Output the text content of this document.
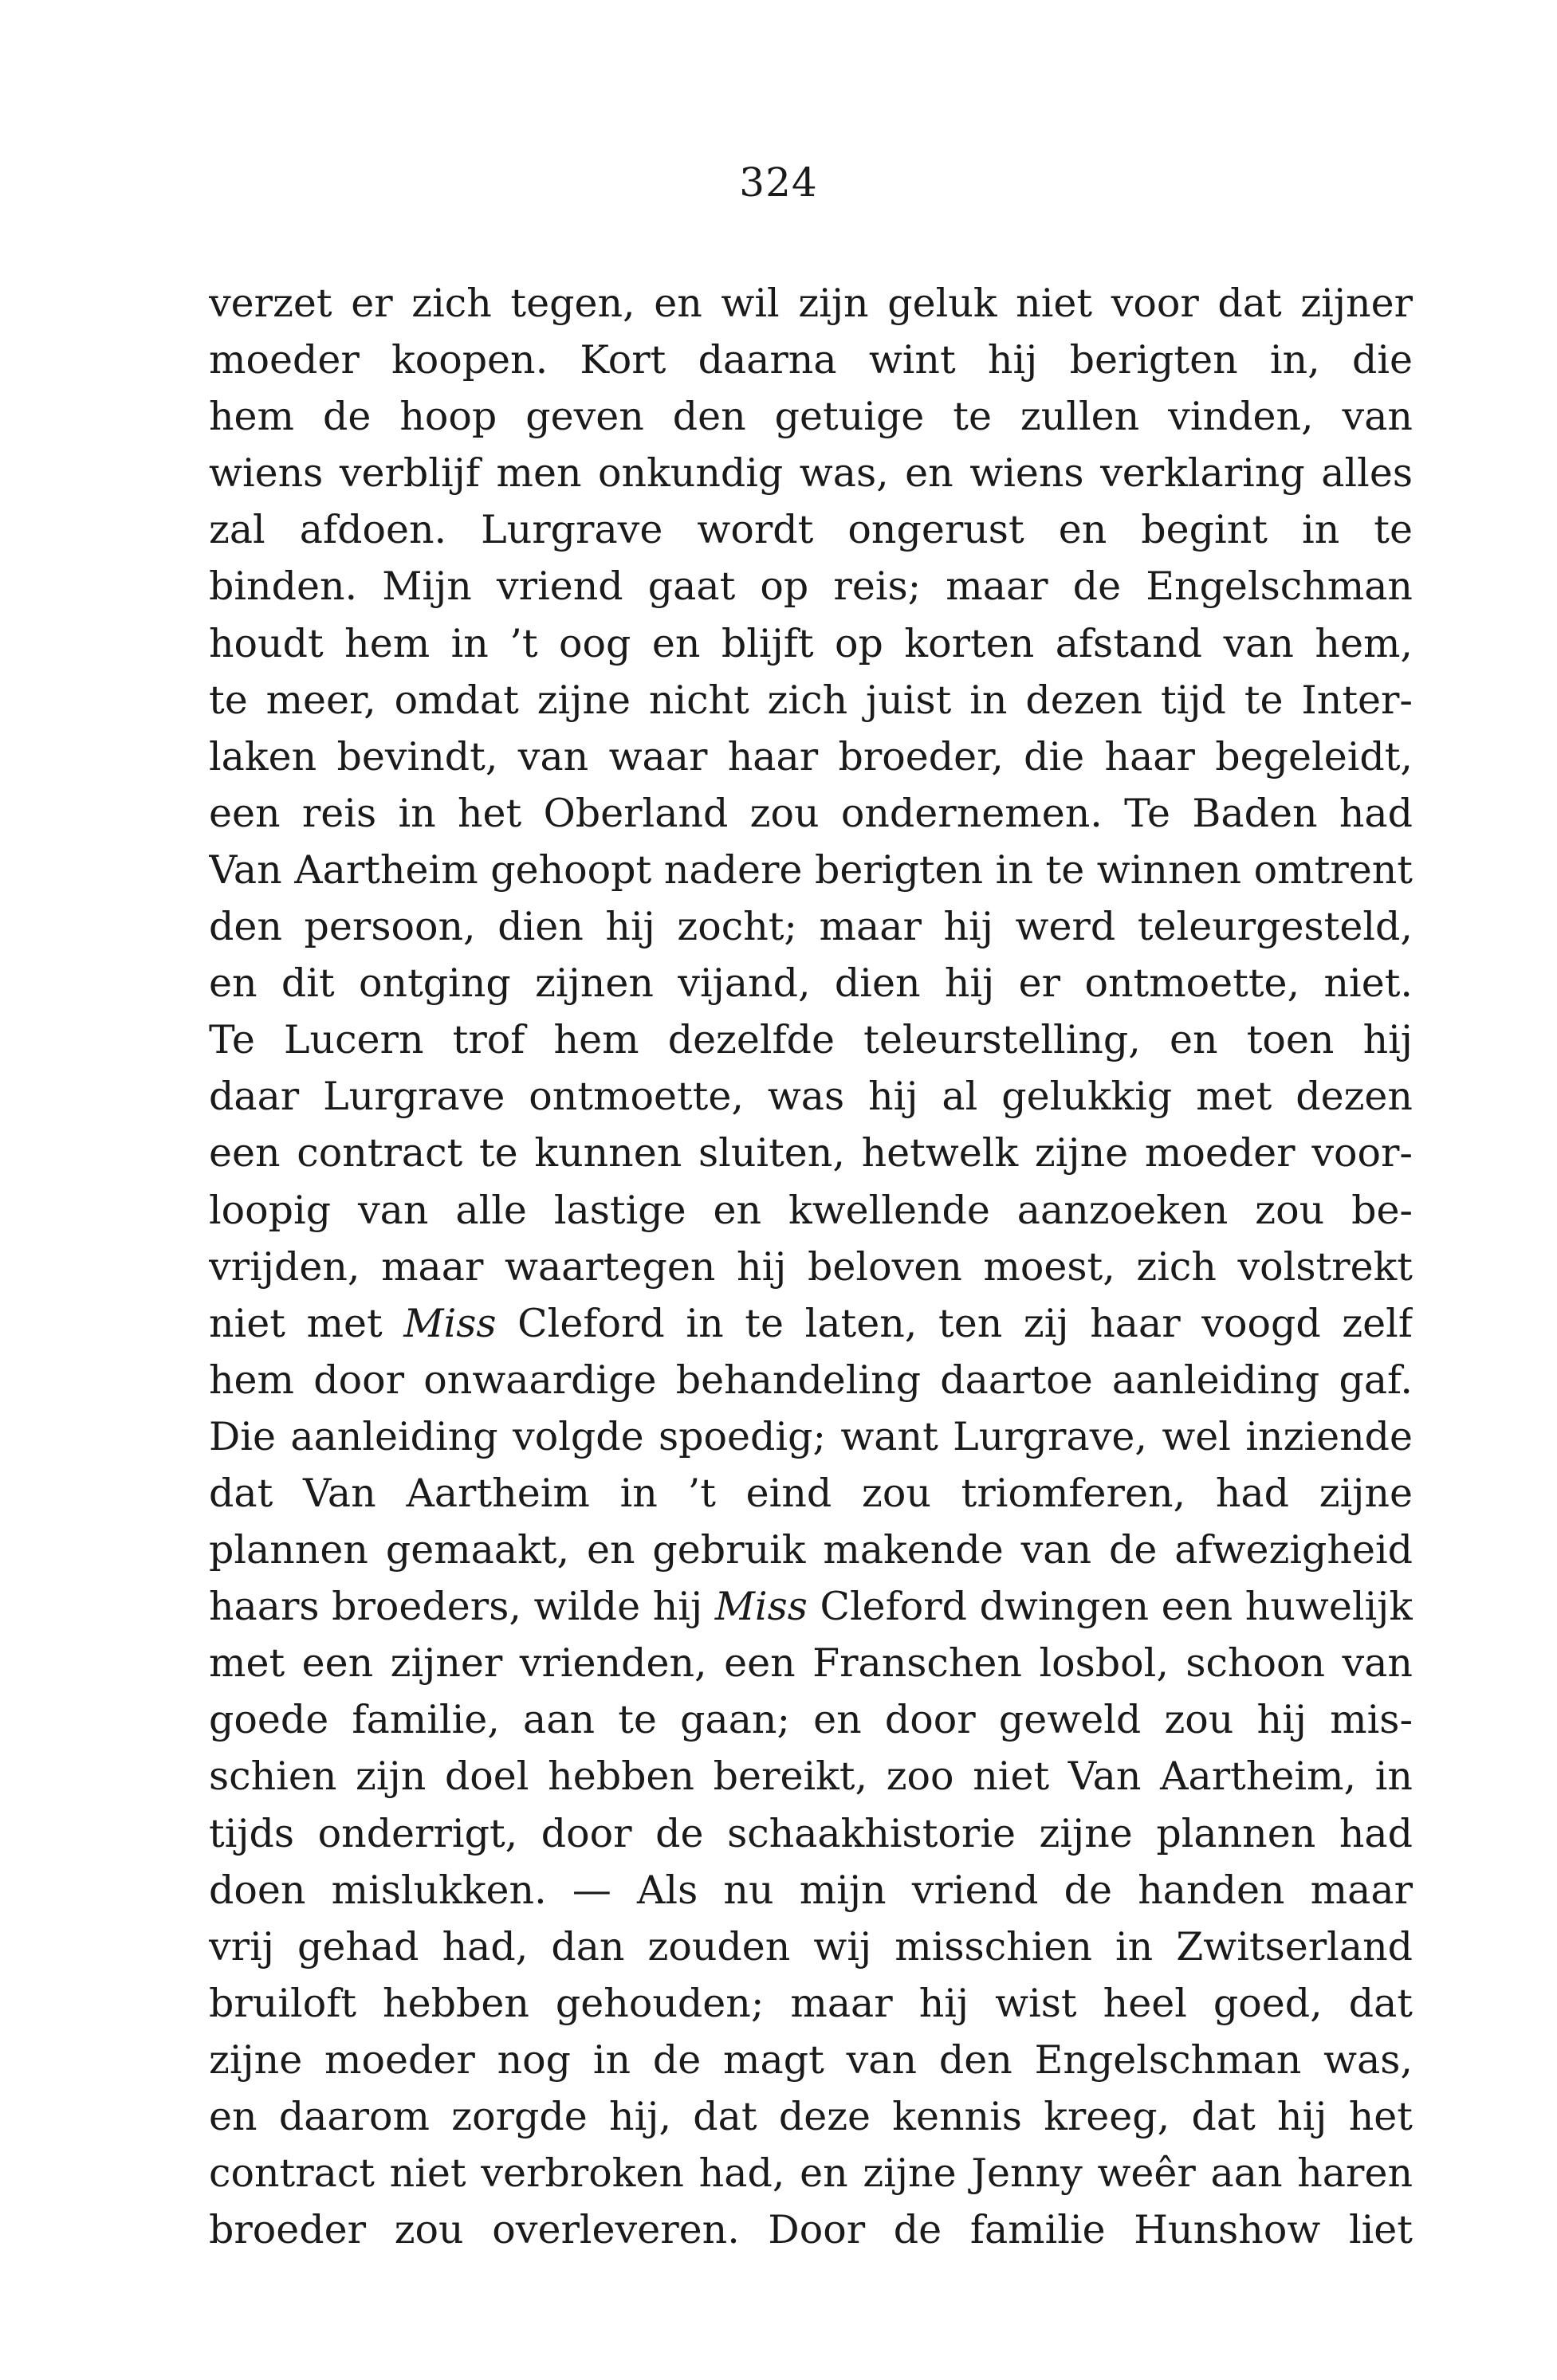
324
verzet er zich tegen, en wil zijn geluk niet voor dat zijner
moeder koopen. Kort daarna wint hij berigten in, die
hem de hoop geven den getuige te zullen vinden, van
wiens verblijf men onkundig was, en wiens verklaring alles
zal afdoen. Lurgrave wordt ongerust en begint in te
binden. Mijn vriend gaat op reis; maar de Engelschman
houdt hem in ’t oog en blijft op korten afstand van hem,
te meer, omdat zijne nicht zich juist in dezen tijd te Inter-
laken bevindt, van waar haar broeder, die haar begeleidt,
een reis in het Oberland zou ondernemen. Te Baden had
Van Aartheim gehoopt nadere berigten in te winnen omtrent
den persoon, dien hij zocht; maar hij werd teleurgesteld,
en dit ontging zijnen vijand, dien hij er ontmoette, niet.
Te Lucern trof hem dezelfde teleurstelling, en toen hij
daar Lurgrave ontmoette, was hij al gelukkig met dezen
een contract te kunnen sluiten, hetwelk zijne moeder voor-
loopig van alle lastige en kwellende aanzoeken zou be-
vrijden, maar waartegen hij beloven moest, zich volstrekt
niet met Miss Cleford in te laten, ten zij haar voogd zelf
hem door onwaardige behandeling daartoe aanleiding gaf.
Die aanleiding volgde spoedig; want Lurgrave, wel inziende
dat Van Aartheim in ’t eind zou triomferen, had zijne
plannen gemaakt, en gebruik makende van de afwezigheid
haars broeders, wilde hij Miss Cleford dwingen een huwelijk
met een zijner vrienden, een Franschen losbol, schoon van
goede familie, aan te gaan; en door geweld zou hij mis-
schien zijn doel hebben bereikt, zoo niet Van Aartheim, in
tijds onderrigt, door de schaakhistorie zijne plannen had
doen mislukken. — Als nu mijn vriend de handen maar
vrij gehad had, dan zouden wij misschien in Zwitserland
bruiloft hebben gehouden; maar hij wist heel goed, dat
zijne moeder nog in de magt van den Engelschman was,
en daarom zorgde hij, dat deze kennis kreeg, dat hij het
contract niet verbroken had, en zijne Jenny weêr aan haren
broeder zou overleveren. Door de familie Hunshow liet
